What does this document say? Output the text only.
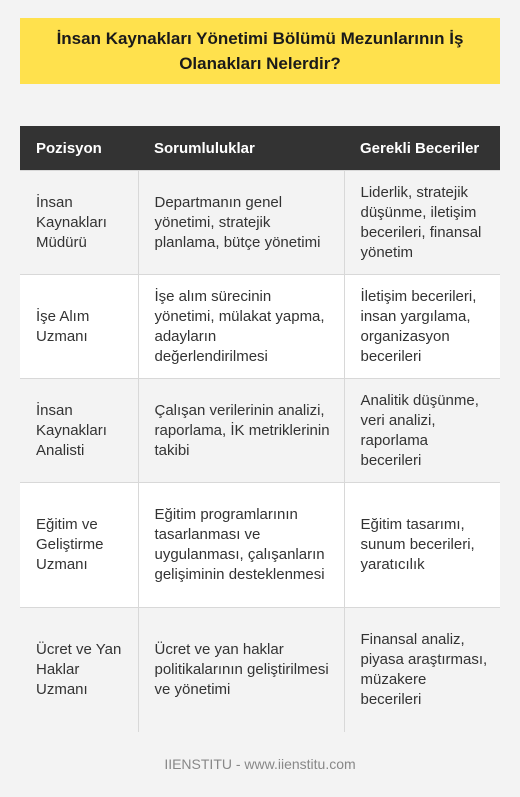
İnsan Kaynakları Yönetimi Bölümü Mezunlarının İş Olanakları Nelerdir?
Pozisyon	Sorumluluklar	Gerekli Beceriler
İnsan Kaynakları Müdürü	Departmanın genel yönetimi, stratejik planlama, bütçe yönetimi	Liderlik, stratejik düşünme, iletişim becerileri, finansal yönetim
İşe Alım Uzmanı	İşe alım sürecinin yönetimi, mülakat yapma, adayların değerlendirilmesi	İletişim becerileri, insan yargılama, organizasyon becerileri
İnsan Kaynakları Analisti	Çalışan verilerinin analizi, raporlama, İK metriklerinin takibi	Analitik düşünme, veri analizi, raporlama becerileri
Eğitim ve Geliştirme Uzmanı	Eğitim programlarının tasarlanması ve uygulanması, çalışanların gelişiminin desteklenmesi	Eğitim tasarımı, sunum becerileri, yaratıcılık
Ücret ve Yan Haklar Uzmanı	Ücret ve yan haklar politikalarının geliştirilmesi ve yönetimi	Finansal analiz, piyasa araştırması, müzakere becerileri
IIENSTITU - www.iienstitu.com
